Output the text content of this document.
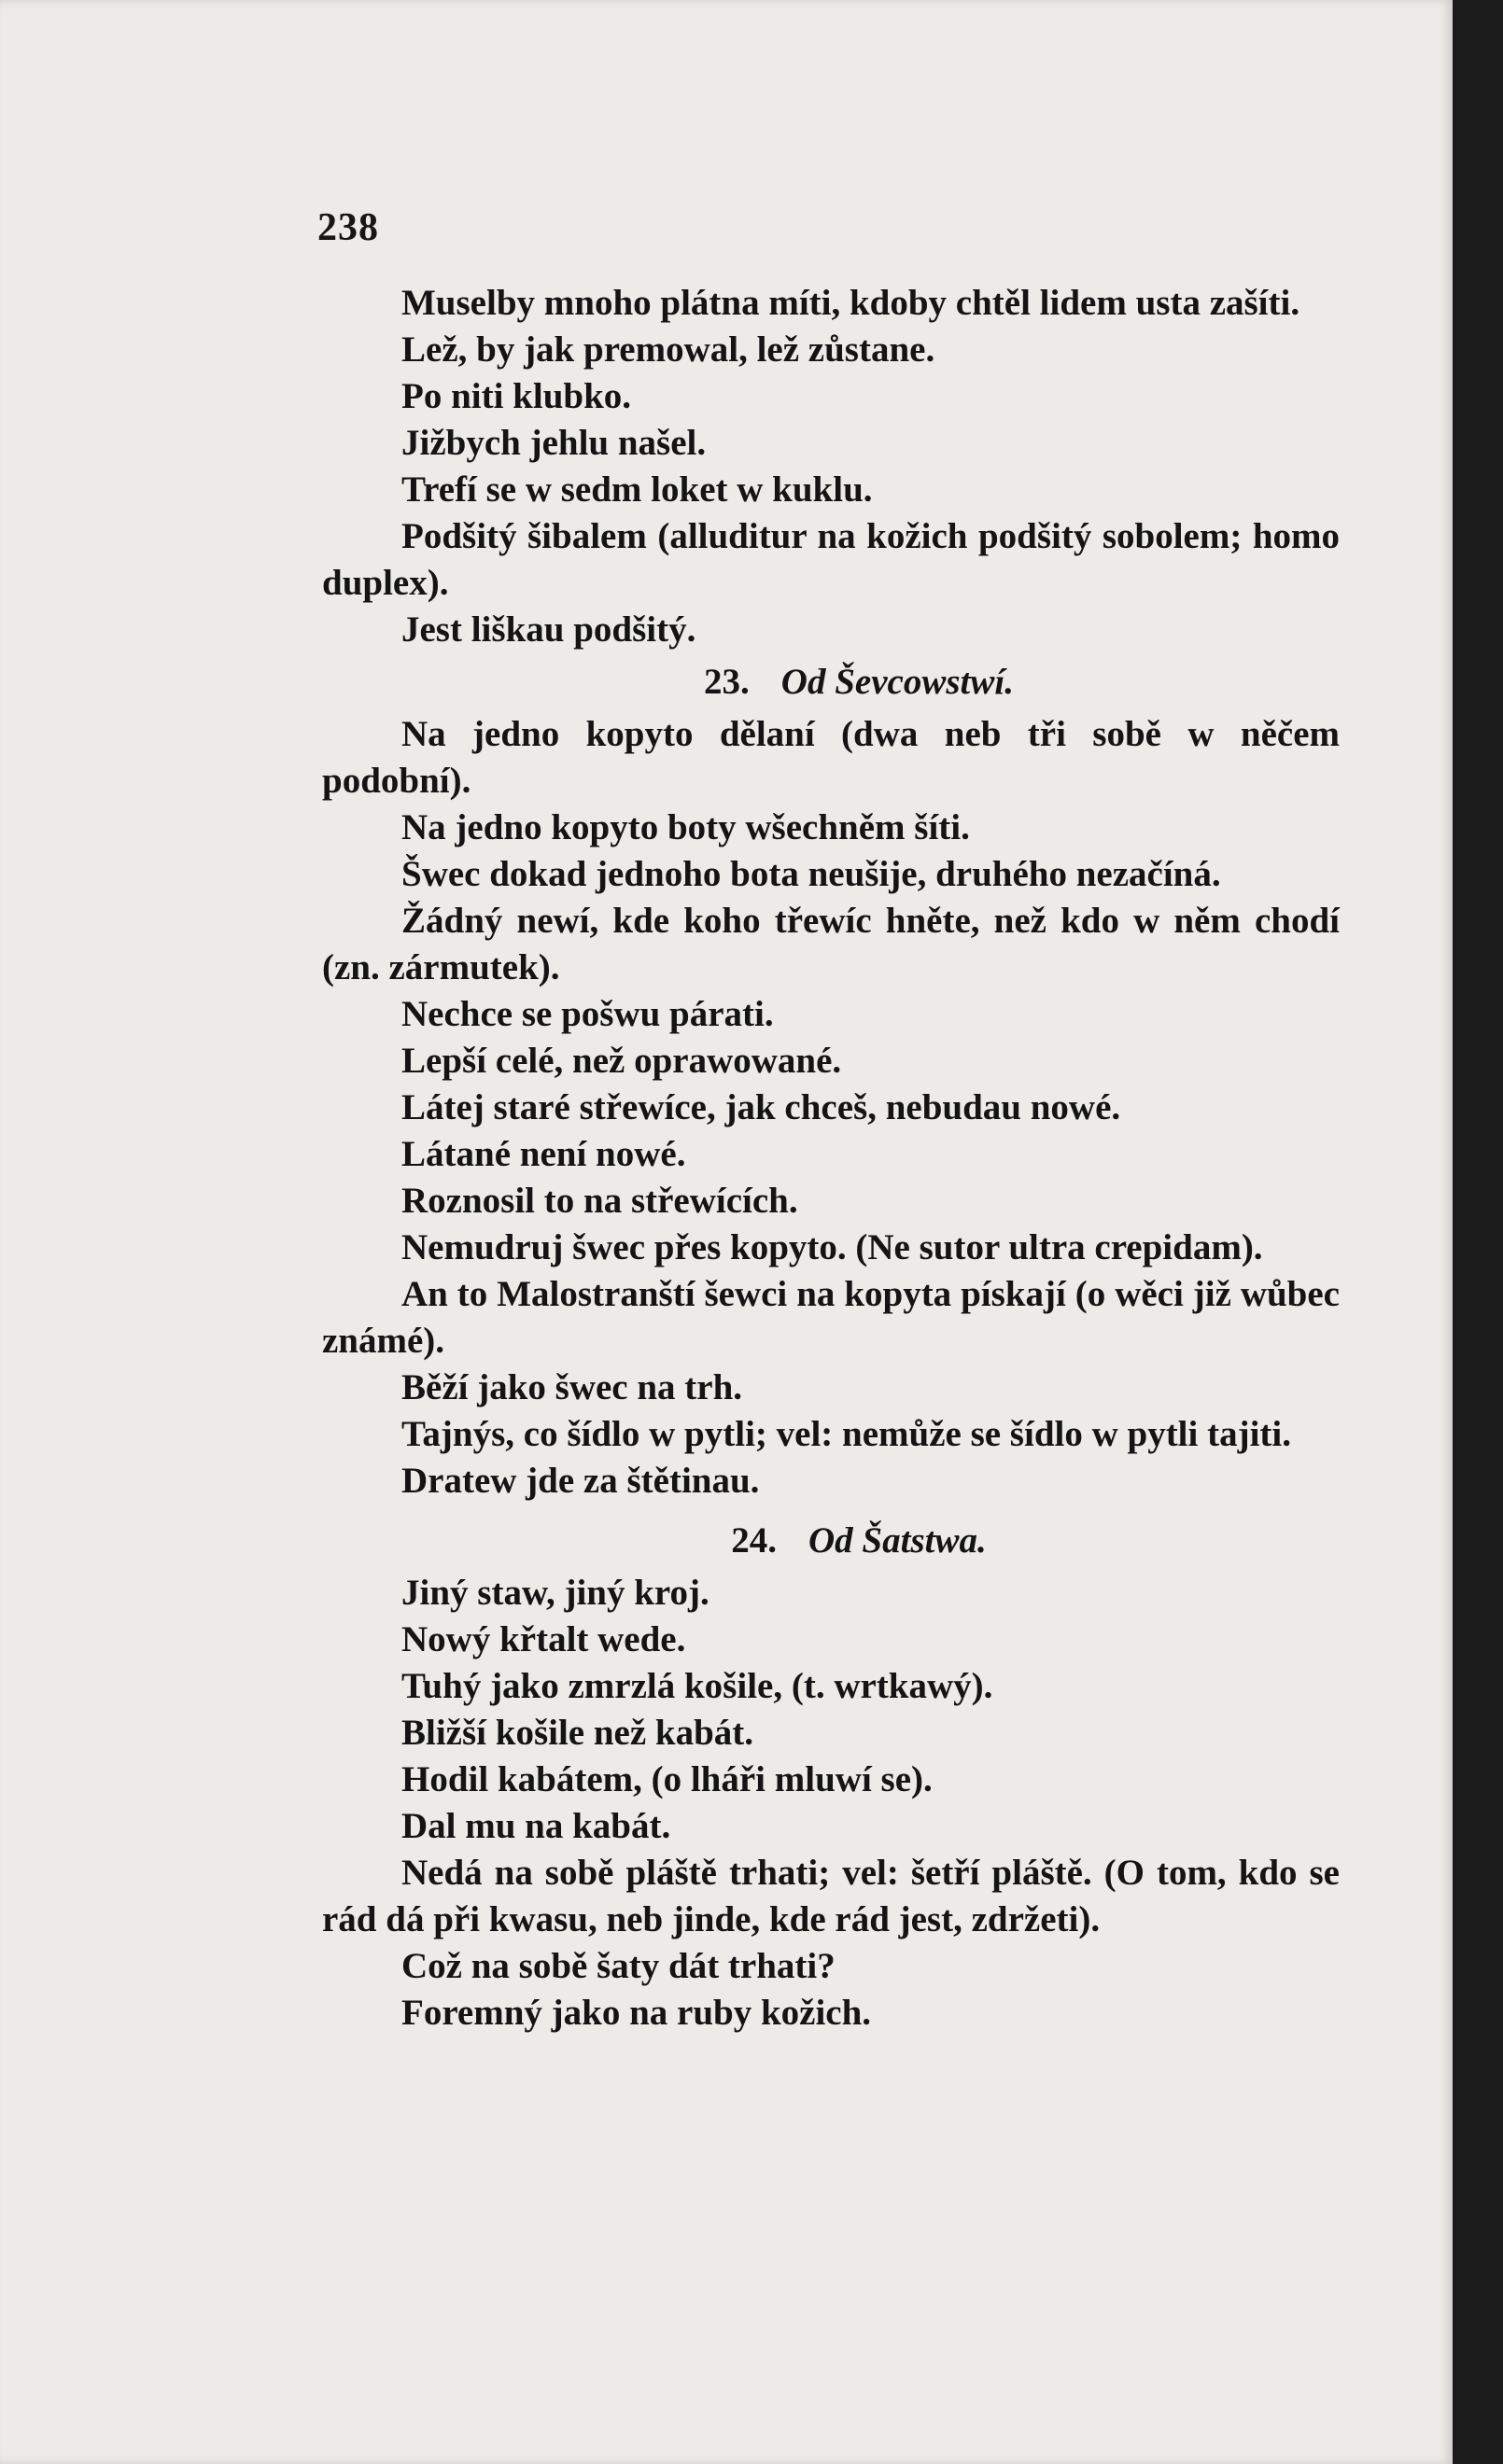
238

Muselby mnoho plátna míti, kdoby chtěl lidem usta zašíti.

Lež, by jak premowal, lež zůstane.

Po niti klubko.

Jižbych jehlu našel.

Trefí se w sedm loket w kuklu.

Podšitý šibalem (alluditur na kožich podšitý sobolem; homo duplex).

Jest liškau podšitý.

23. Od Ševcowstwí.

Na jedno kopyto dělaní (dwa neb tři sobě w něčem podobní).

Na jedno kopyto boty wšechněm šíti.

Šwec dokad jednoho bota neušije, druhého nezačíná.

Žádný newí, kde koho třewíc hněte, než kdo w něm chodí (zn. zármutek).

Nechce se pošwu párati.

Lepší celé, než oprawowané.

Látej staré střewíce, jak chceš, nebudau nowé.

Látané není nowé.

Roznosil to na střewících.

Nemudruj šwec přes kopyto. (Ne sutor ultra crepidam).

An to Malostranští šewci na kopyta pískají (o wěci již wůbec známé).

Běží jako šwec na trh.

Tajnýs, co šídlo w pytli; vel: nemůže se šídlo w pytli tajiti.

Dratew jde za štětinau.

24. Od Šatstwa.

Jiný staw, jiný kroj.

Nowý křtalt wede.

Tuhý jako zmrzlá košile, (t. wrtkawý).

Bližší košile než kabát.

Hodil kabátem, (o lháři mluwí se).

Dal mu na kabát.

Nedá na sobě pláště trhati; vel: šetří pláště. (O tom, kdo se rád dá při kwasu, neb jinde, kde rád jest, zdržeti).

Což na sobě šaty dát trhati?

Foremný jako na ruby kožich.
